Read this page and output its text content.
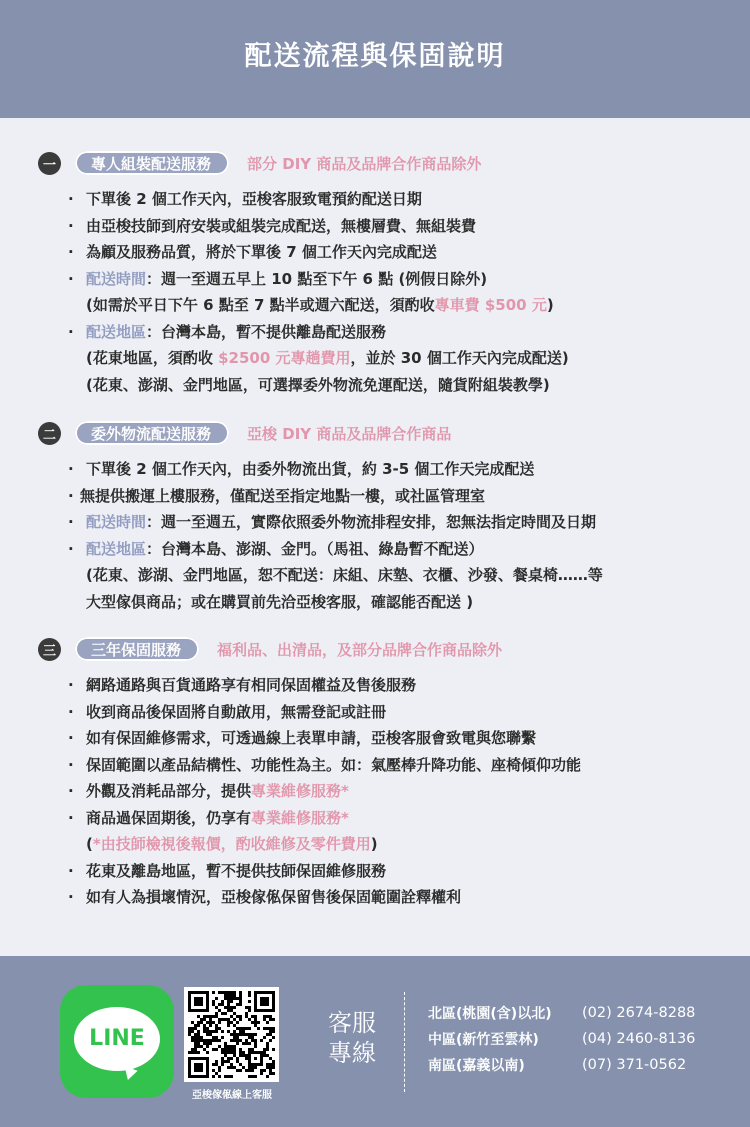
配送流程與保固說明
一	專人組裝配送服務	部分 DIY 商品及品牌合作商品除外
· 下單後 2 個工作天內，亞梭客服致電預約配送日期
· 由亞梭技師到府安裝或組裝完成配送，無樓層費、無組裝費
· 為顧及服務品質，將於下單後 7 個工作天內完成配送
· 配送時間：週一至週五早上 10 點至下午 6 點 (例假日除外)
(如需於平日下午 6 點至 7 點半或週六配送，須酌收專車費 $500 元)
· 配送地區：台灣本島，暫不提供離島配送服務
(花東地區，須酌收 $2500 元專趟費用，並於 30 個工作天內完成配送)
(花東、澎湖、金門地區，可選擇委外物流免運配送，隨貨附組裝教學)
二	委外物流配送服務	亞梭 DIY 商品及品牌合作商品
· 下單後 2 個工作天內，由委外物流出貨，約 3-5 個工作天完成配送
· 無提供搬運上樓服務，僅配送至指定地點一樓，或社區管理室
· 配送時間：週一至週五，實際依照委外物流排程安排，恕無法指定時間及日期
· 配送地區：台灣本島、澎湖、金門。（馬祖、綠島暫不配送）
(花東、澎湖、金門地區，恕不配送：床組、床墊、衣櫃、沙發、餐桌椅……等
大型傢俱商品；或在購買前先洽亞梭客服，確認能否配送 )
三	三年保固服務	福利品、出清品，及部分品牌合作商品除外
· 網路通路與百貨通路享有相同保固權益及售後服務
· 收到商品後保固將自動啟用，無需登記或註冊
· 如有保固維修需求，可透過線上表單申請，亞梭客服會致電與您聯繫
· 保固範圍以產品結構性、功能性為主。如：氣壓棒升降功能、座椅傾仰功能
· 外觀及消耗品部分，提供專業維修服務*
· 商品過保固期後，仍享有專業維修服務*
(*由技師檢視後報價，酌收維修及零件費用)
· 花東及離島地區，暫不提供技師保固維修服務
· 如有人為損壞情況，亞梭傢俬保留售後保固範圍詮釋權利
LINE
亞梭傢俬線上客服
客服
專線
北區(桃園(含)以北)	(02) 2674-8288
中區(新竹至雲林)	(04) 2460-8136
南區(嘉義以南)	(07) 371-0562
